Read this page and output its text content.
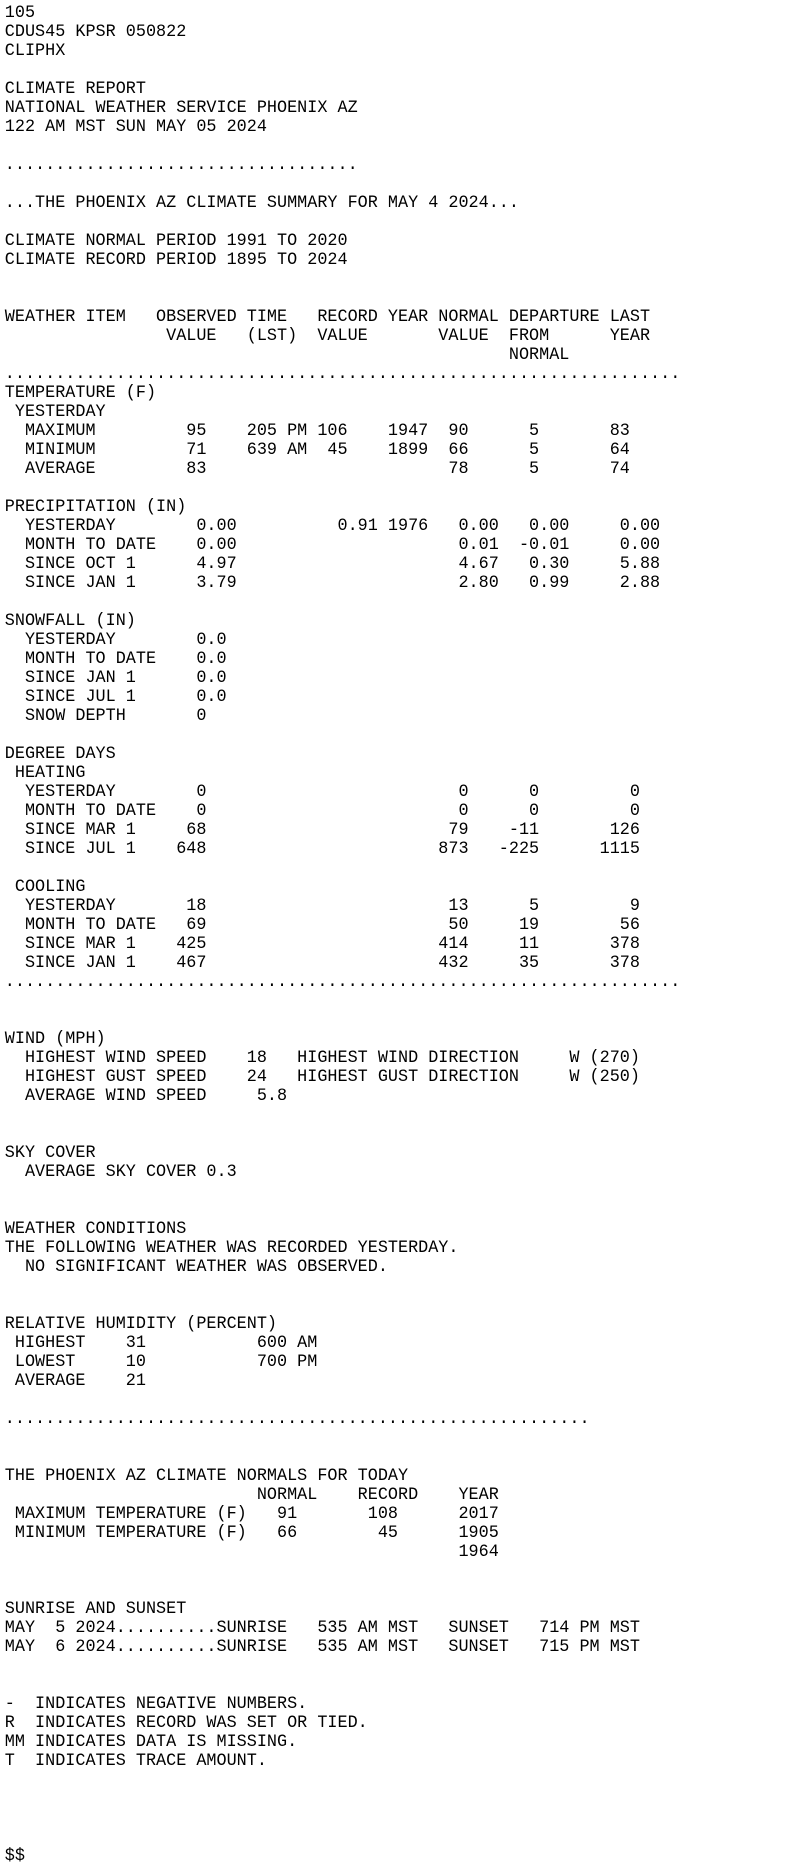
105
CDUS45 KPSR 050822
CLIPHX
CLIMATE REPORT
NATIONAL WEATHER SERVICE PHOENIX AZ
122 AM MST SUN MAY 05 2024
...................................
...THE PHOENIX AZ CLIMATE SUMMARY FOR MAY 4 2024...
CLIMATE NORMAL PERIOD 1991 TO 2020
CLIMATE RECORD PERIOD 1895 TO 2024
WEATHER ITEM   OBSERVED TIME   RECORD YEAR NORMAL DEPARTURE LAST
VALUE   (LST)  VALUE       VALUE  FROM      YEAR
NORMAL
...................................................................
TEMPERATURE (F)
YESTERDAY
MAXIMUM         95    205 PM 106    1947  90      5       83
MINIMUM         71    639 AM  45    1899  66      5       64
AVERAGE         83                        78      5       74
PRECIPITATION (IN)
YESTERDAY        0.00          0.91 1976   0.00   0.00     0.00
MONTH TO DATE    0.00                      0.01  -0.01     0.00
SINCE OCT 1      4.97                      4.67   0.30     5.88
SINCE JAN 1      3.79                      2.80   0.99     2.88
SNOWFALL (IN)
YESTERDAY        0.0
MONTH TO DATE    0.0
SINCE JAN 1      0.0
SINCE JUL 1      0.0
SNOW DEPTH       0
DEGREE DAYS
HEATING
YESTERDAY        0                         0      0         0
MONTH TO DATE    0                         0      0         0
SINCE MAR 1     68                        79    -11       126
SINCE JUL 1    648                       873   -225      1115
COOLING
YESTERDAY       18                        13      5         9
MONTH TO DATE   69                        50     19        56
SINCE MAR 1    425                       414     11       378
SINCE JAN 1    467                       432     35       378
...................................................................
WIND (MPH)
HIGHEST WIND SPEED    18   HIGHEST WIND DIRECTION     W (270)
HIGHEST GUST SPEED    24   HIGHEST GUST DIRECTION     W (250)
AVERAGE WIND SPEED     5.8
SKY COVER
AVERAGE SKY COVER 0.3
WEATHER CONDITIONS
THE FOLLOWING WEATHER WAS RECORDED YESTERDAY.
NO SIGNIFICANT WEATHER WAS OBSERVED.
RELATIVE HUMIDITY (PERCENT)
HIGHEST    31           600 AM
LOWEST     10           700 PM
AVERAGE    21
..........................................................
THE PHOENIX AZ CLIMATE NORMALS FOR TODAY
NORMAL    RECORD    YEAR
MAXIMUM TEMPERATURE (F)   91       108      2017
MINIMUM TEMPERATURE (F)   66        45      1905
1964
SUNRISE AND SUNSET
MAY  5 2024..........SUNRISE   535 AM MST   SUNSET   714 PM MST
MAY  6 2024..........SUNRISE   535 AM MST   SUNSET   715 PM MST
-  INDICATES NEGATIVE NUMBERS.
R  INDICATES RECORD WAS SET OR TIED.
MM INDICATES DATA IS MISSING.
T  INDICATES TRACE AMOUNT.
$$
